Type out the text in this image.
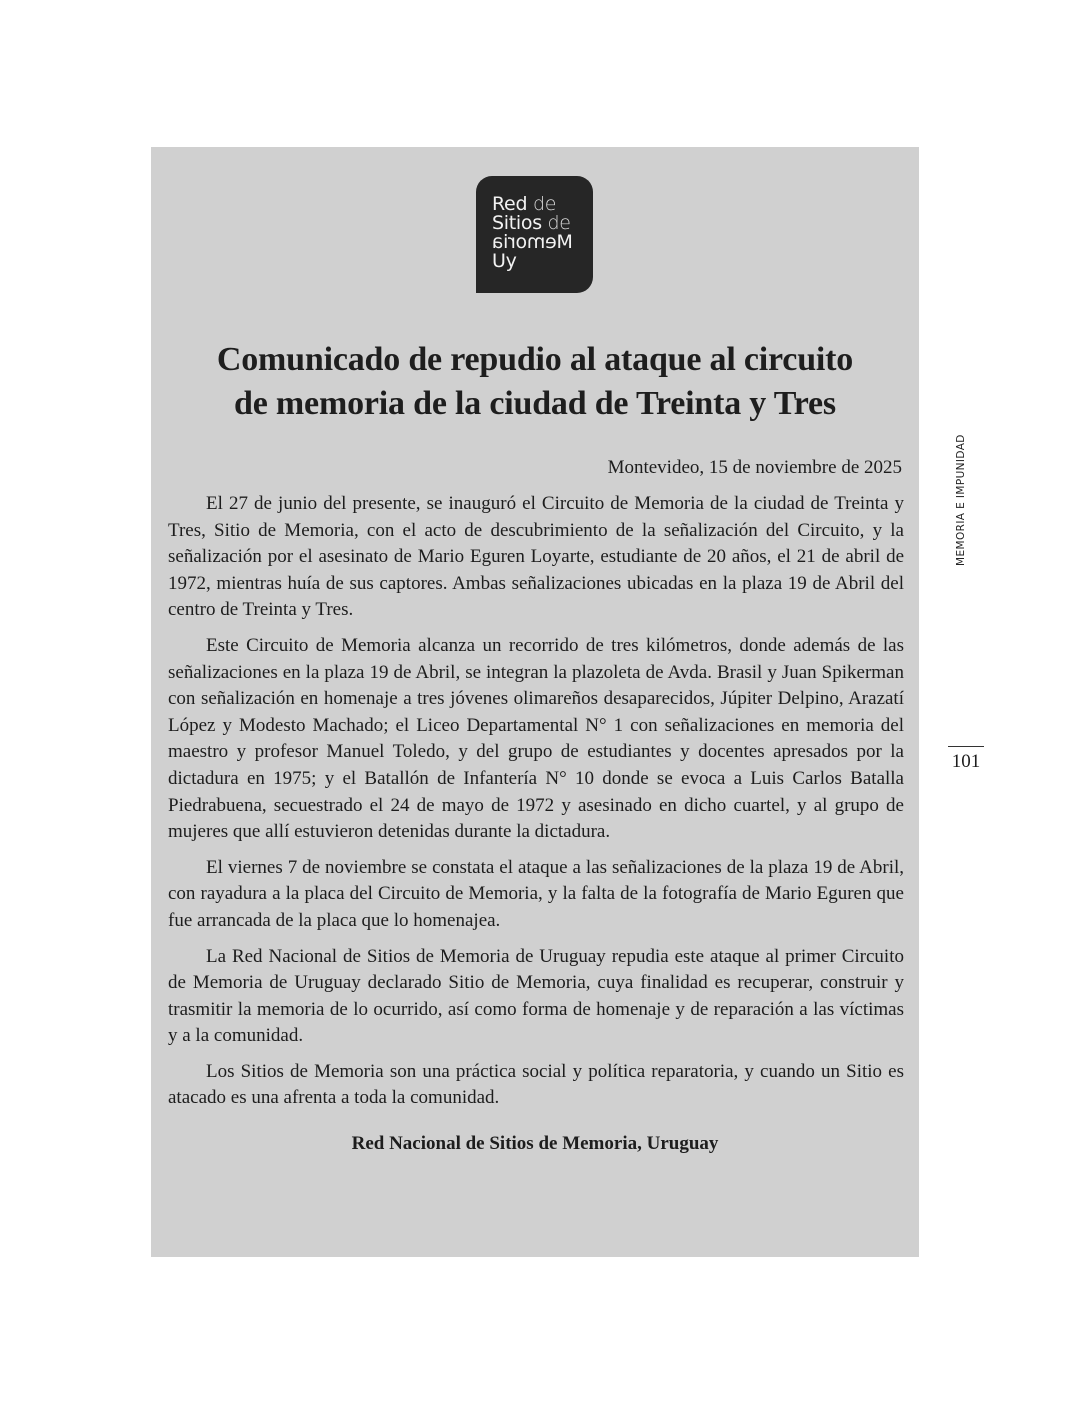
Red de
Sitios de
Memoria
Uy
Comunicado de repudio al ataque al circuito
de memoria de la ciudad de Treinta y Tres
Montevideo, 15 de noviembre de 2025

El 27 de junio del presente, se inauguró el Circuito de Memoria de la ciudad de Treinta y Tres, Sitio de Memoria, con el acto de descubrimiento de la señalización del Circuito, y la señalización por el asesinato de Mario Eguren Loyarte, estudiante de 20 años, el 21 de abril de 1972, mientras huía de sus captores. Ambas señalizaciones ubicadas en la plaza 19 de Abril del centro de Treinta y Tres.

Este Circuito de Memoria alcanza un recorrido de tres kilómetros, donde además de las señalizaciones en la plaza 19 de Abril, se integran la plazoleta de Avda. Brasil y Juan Spikerman con señalización en homenaje a tres jóvenes olimareños desaparecidos, Júpiter Delpino, Arazatí López y Modesto Machado; el Liceo Departamental N° 1 con señalizaciones en memoria del maestro y profesor Manuel Toledo, y del grupo de estudiantes y docentes apresados por la dictadura en 1975; y el Batallón de Infantería N° 10 donde se evoca a Luis Carlos Batalla Piedrabuena, secuestrado el 24 de mayo de 1972 y asesinado en dicho cuartel, y al grupo de mujeres que allí estuvieron detenidas durante la dictadura.

El viernes 7 de noviembre se constata el ataque a las señalizaciones de la plaza 19 de Abril, con rayadura a la placa del Circuito de Memoria, y la falta de la fotografía de Mario Eguren que fue arrancada de la placa que lo homenajea.

La Red Nacional de Sitios de Memoria de Uruguay repudia este ataque al primer Circuito de Memoria de Uruguay declarado Sitio de Memoria, cuya finalidad es recuperar, construir y trasmitir la memoria de lo ocurrido, así como forma de homenaje y de reparación a las víctimas y a la comunidad.

Los Sitios de Memoria son una práctica social y política reparatoria, y cuando un Sitio es atacado es una afrenta a toda la comunidad.

Red Nacional de Sitios de Memoria, Uruguay
MEMORIA E IMPUNIDAD
101
